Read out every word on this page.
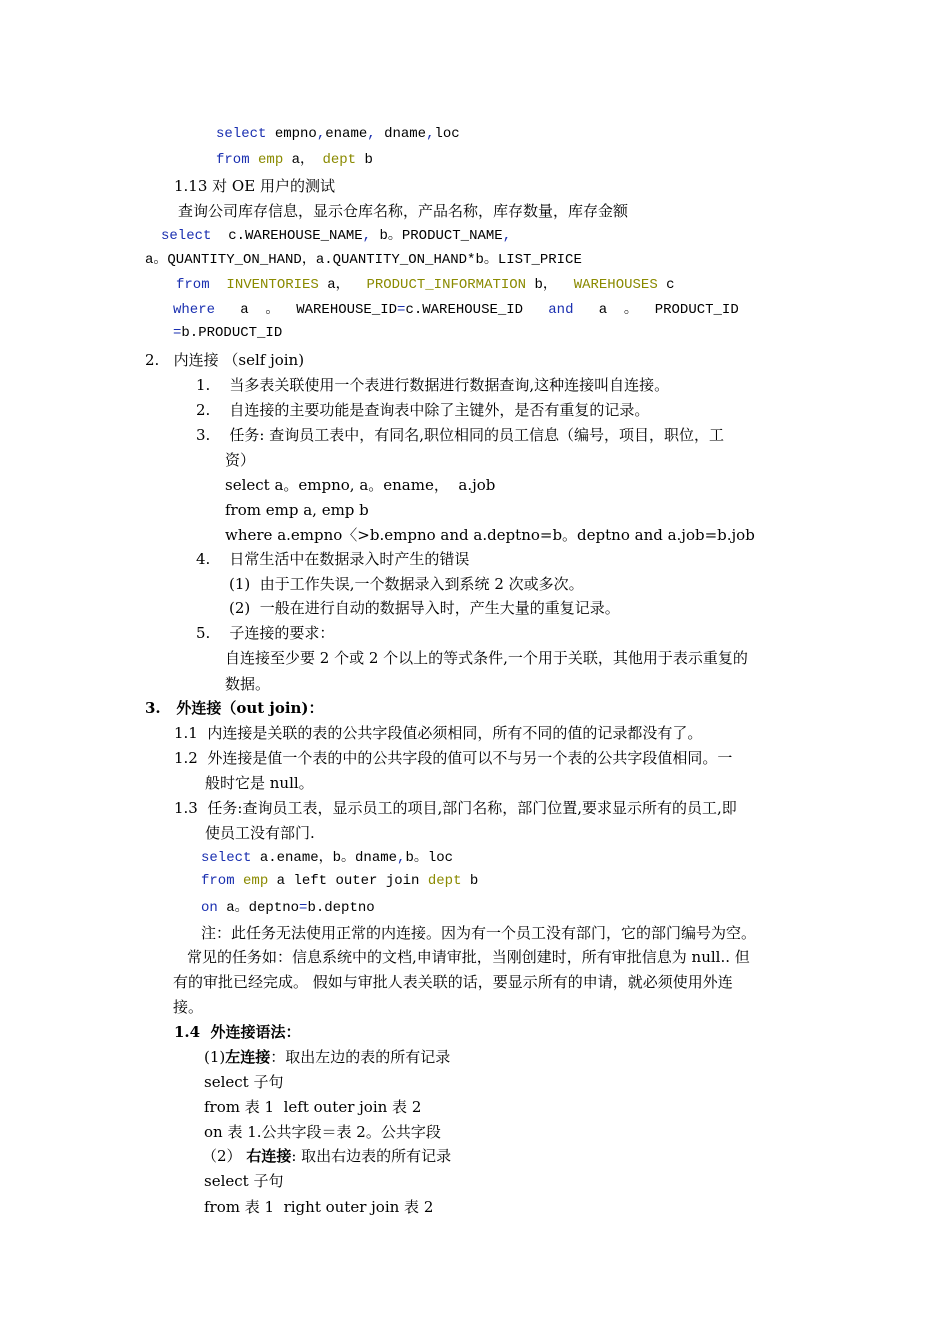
select empno,ename, dname,loc
from emp a， dept b
1.13 对 OE 用户的测试
查询公司库存信息，显示仓库名称，产品名称，库存数量，库存金额
select  c.WAREHOUSE_NAME, b。PRODUCT_NAME,
a。QUANTITY_ON_HAND，a.QUANTITY_ON_HAND*b。LIST_PRICE
from INVENTORIES a，  PRODUCT_INFORMATION b，  WAREHOUSES c
where   a  。  WAREHOUSE_ID=c.WAREHOUSE_ID   and   a  。  PRODUCT_ID
=b.PRODUCT_ID
2.   内连接 （self join)
1.    当多表关联使用一个表进行数据进行数据查询,这种连接叫自连接。
2.    自连接的主要功能是查询表中除了主键外，是否有重复的记录。
3.    任务: 查询员工表中，有同名,职位相同的员工信息（编号，项目，职位，工
资）
select a。empno, a。ename，  a.job
from emp a, emp b
where a.empno〈>b.empno and a.deptno=b。deptno and a.job=b.job
4.    日常生活中在数据录入时产生的错误
(1)  由于工作失误,一个数据录入到系统 2 次或多次。
(2)  一般在进行自动的数据导入时，产生大量的重复记录。
5.    子连接的要求：
自连接至少要 2 个或 2 个以上的等式条件,一个用于关联，其他用于表示重复的
数据。
3.   外连接（out join)：
1.1  内连接是关联的表的公共字段值必须相同，所有不同的值的记录都没有了。
1.2  外连接是值一个表的中的公共字段的值可以不与另一个表的公共字段值相同。一
般时它是 null。
1.3  任务:查询员工表，显示员工的项目,部门名称，部门位置,要求显示所有的员工,即
使员工没有部门.
select a.ename，b。dname,b。loc
from emp a left outer join dept b
on a。deptno=b.deptno
注：此任务无法使用正常的内连接。因为有一个员工没有部门，它的部门编号为空。
常见的任务如：信息系统中的文档,申请审批，当刚创建时，所有审批信息为 null.. 但
有的审批已经完成。 假如与审批人表关联的话，要显示所有的申请，就必须使用外连
接。
1.4  外连接语法：
(1)左连接：取出左边的表的所有记录
select 子句
from 表 1  left outer join 表 2
on 表 1.公共字段＝表 2。公共字段
（2） 右连接: 取出右边表的所有记录
select 子句
from 表 1  right outer join 表 2
